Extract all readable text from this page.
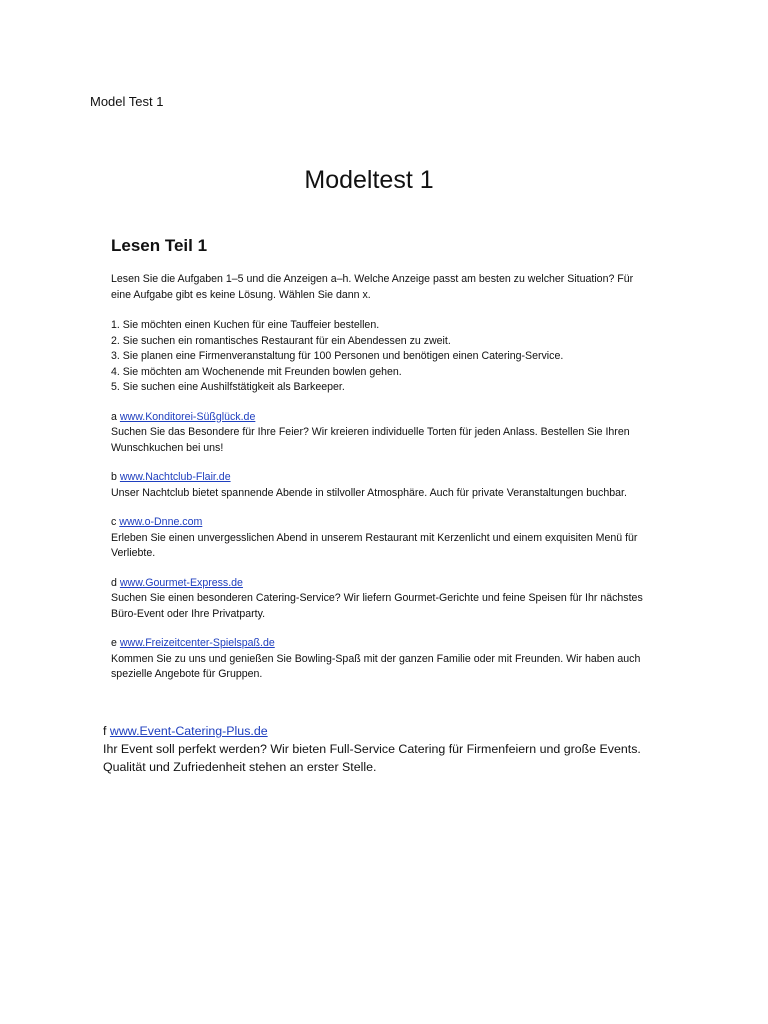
Model Test 1
Modeltest 1
Lesen Teil 1

Lesen Sie die Aufgaben 1–5 und die Anzeigen a–h. Welche Anzeige passt am besten zu welcher Situation? Für eine Aufgabe gibt es keine Lösung. Wählen Sie dann x.

1. Sie möchten einen Kuchen für eine Tauffeier bestellen.
2. Sie suchen ein romantisches Restaurant für ein Abendessen zu zweit.
3. Sie planen eine Firmenveranstaltung für 100 Personen und benötigen einen Catering-Service.
4. Sie möchten am Wochenende mit Freunden bowlen gehen.
5. Sie suchen eine Aushilfstätigkeit als Barkeeper.
a www.Konditorei-Süßglück.de
Suchen Sie das Besondere für Ihre Feier? Wir kreieren individuelle Torten für jeden Anlass. Bestellen Sie Ihren Wunschkuchen bei uns!
b www.Nachtclub-Flair.de
Unser Nachtclub bietet spannende Abende in stilvoller Atmosphäre. Auch für private Veranstaltungen buchbar.
c www.o-Dnne.com
Erleben Sie einen unvergesslichen Abend in unserem Restaurant mit Kerzenlicht und einem exquisiten Menü für Verliebte.
d www.Gourmet-Express.de
Suchen Sie einen besonderen Catering-Service? Wir liefern Gourmet-Gerichte und feine Speisen für Ihr nächstes Büro-Event oder Ihre Privatparty.
e www.Freizeitcenter-Spielspaß.de
Kommen Sie zu uns und genießen Sie Bowling-Spaß mit der ganzen Familie oder mit Freunden. Wir haben auch spezielle Angebote für Gruppen.
f www.Event-Catering-Plus.de
Ihr Event soll perfekt werden? Wir bieten Full-Service Catering für Firmenfeiern und große Events. Qualität und Zufriedenheit stehen an erster Stelle.
